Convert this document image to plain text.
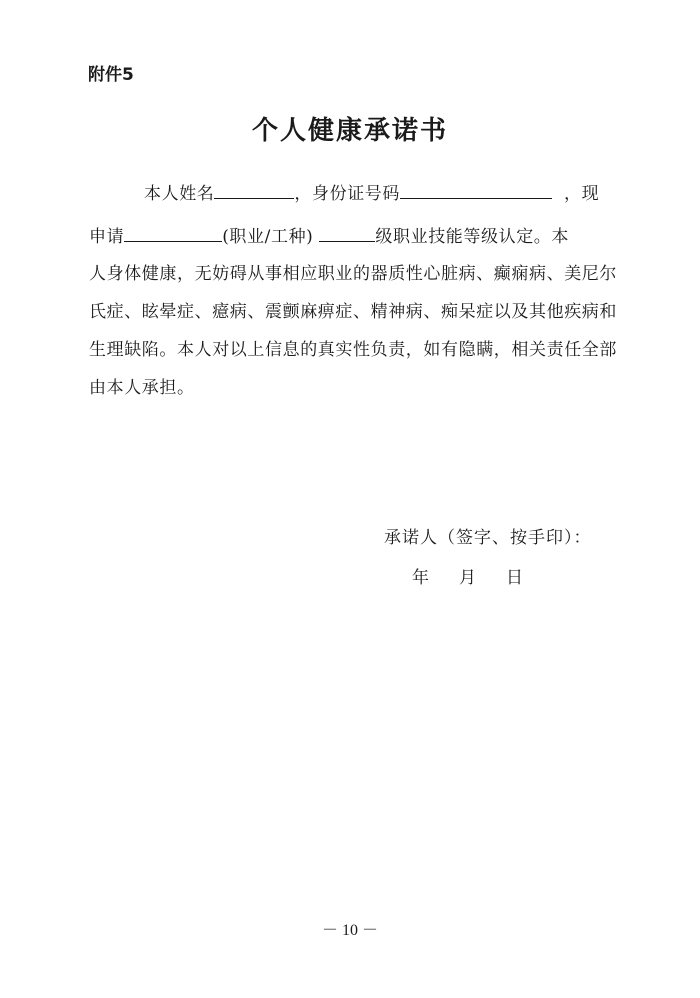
附件5
个人健康承诺书
本人姓名	，身份证号码	，现
申请	(职业/工种)	级职业技能等级认定。本
人身体健康，无妨碍从事相应职业的器质性心脏病、癫痫病、美尼尔
氏症、眩晕症、癔病、震颤麻痹症、精神病、痴呆症以及其他疾病和
生理缺陷。本人对以上信息的真实性负责，如有隐瞒，相关责任全部
由本人承担。
承诺人（签字、按手印）：
年 月 日
－ 10 －
